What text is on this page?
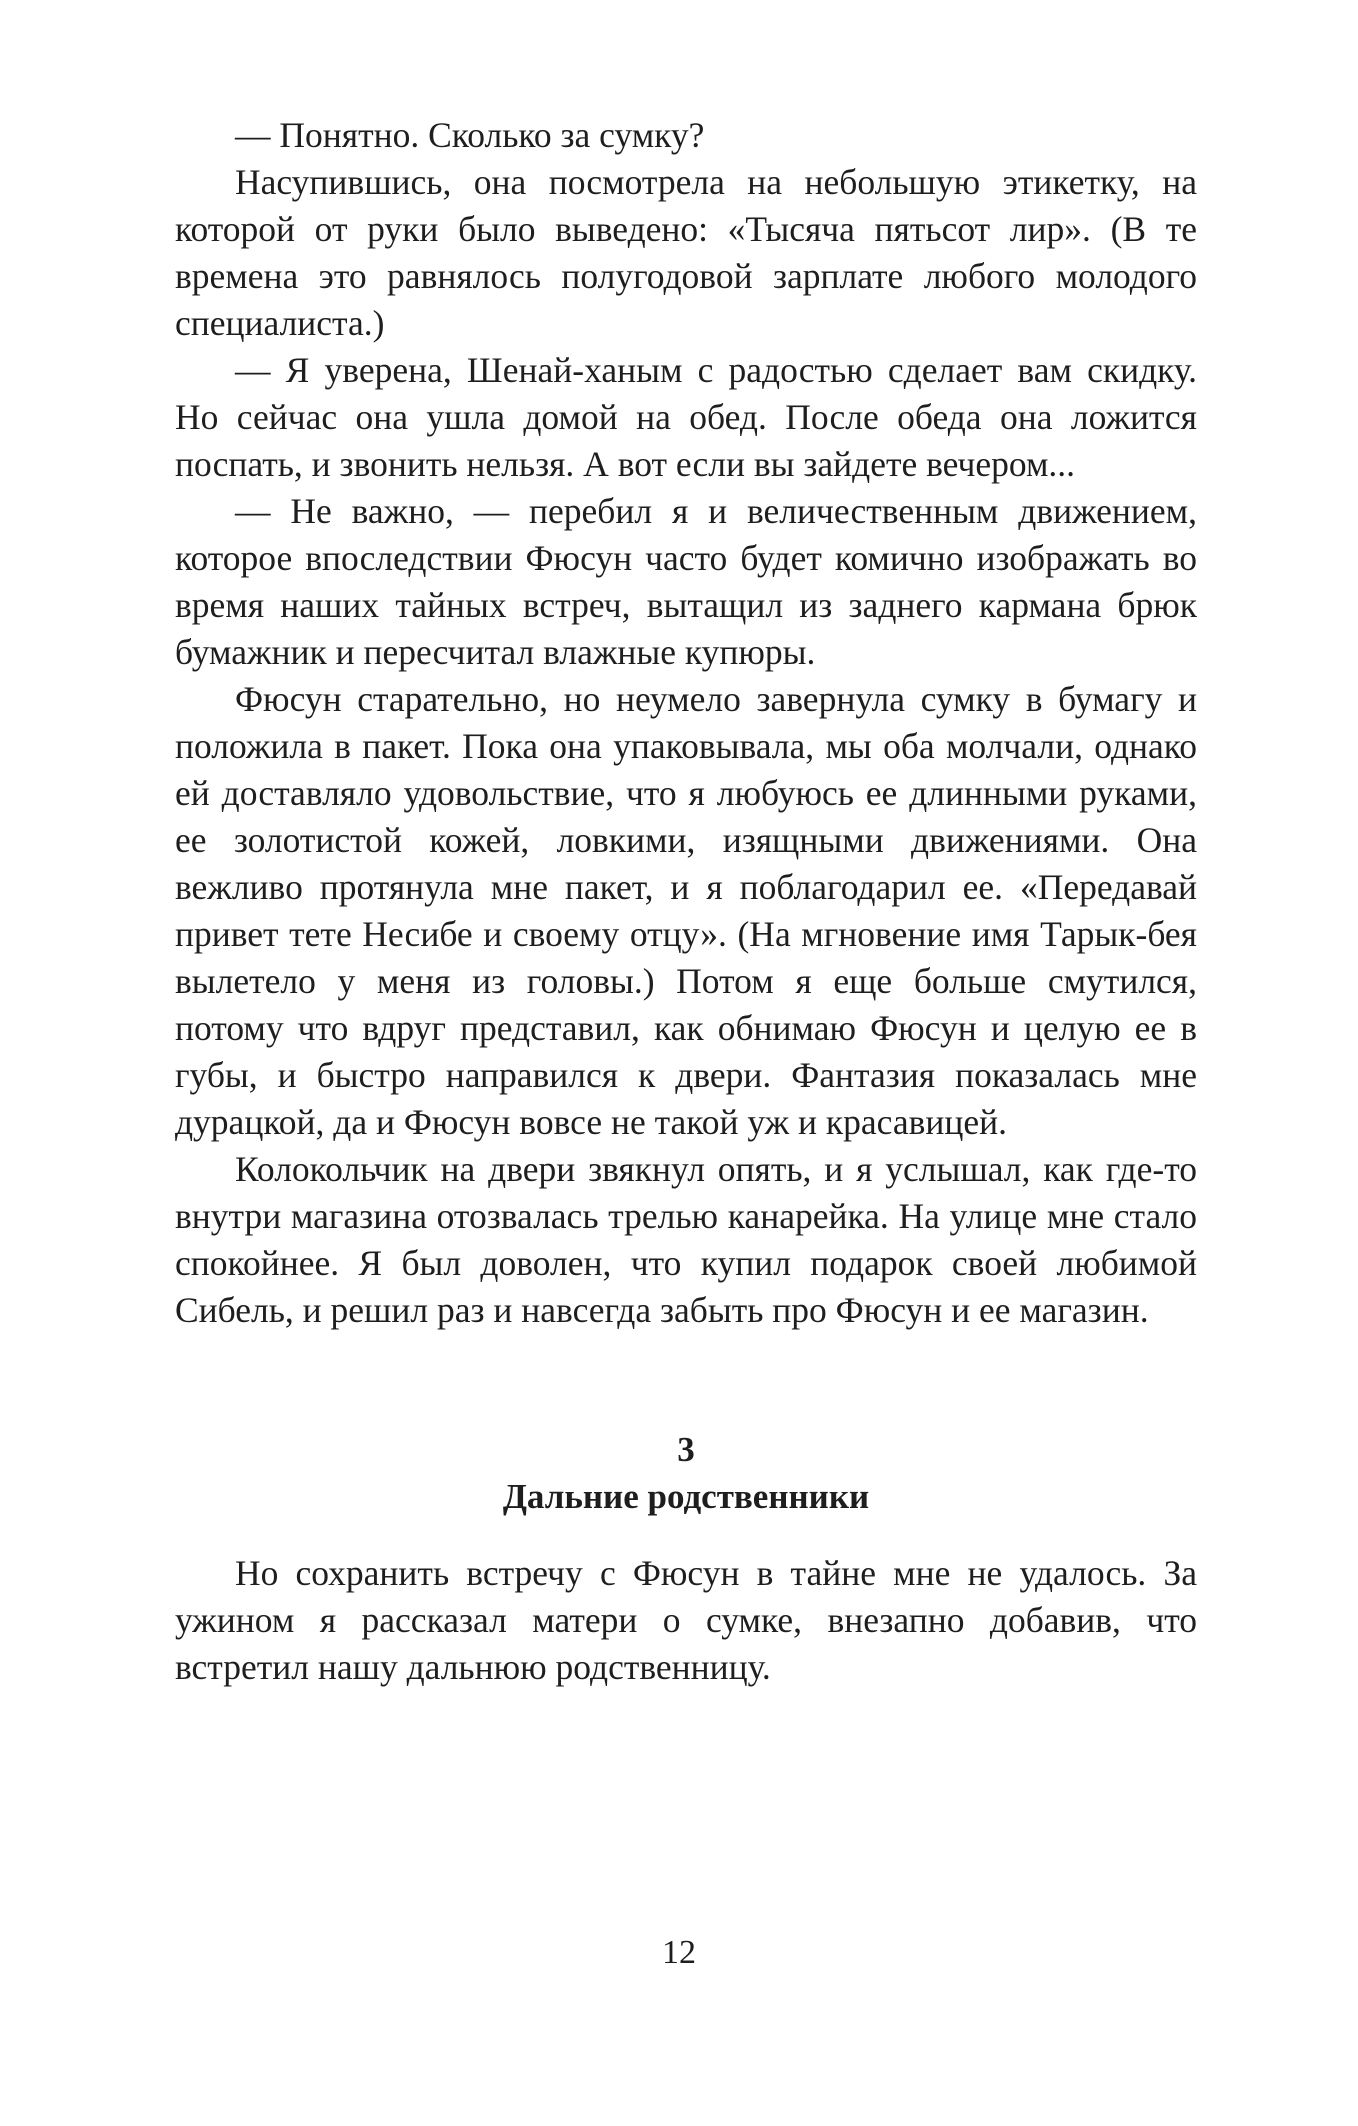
— Понятно. Сколько за сумку?

Насупившись, она посмотрела на небольшую этикетку, на которой от руки было выведено: «Тысяча пятьсот лир». (В те времена это равнялось полугодовой зарплате любого молодого специалиста.)

— Я уверена, Шенай-ханым с радостью сделает вам скидку. Но сейчас она ушла домой на обед. После обеда она ложится поспать, и звонить нельзя. А вот если вы зайдете вечером...

— Не важно, — перебил я и величественным движением, которое впоследствии Фюсун часто будет комично изображать во время наших тайных встреч, вытащил из заднего кармана брюк бумажник и пересчитал влажные купюры.

Фюсун старательно, но неумело завернула сумку в бумагу и положила в пакет. Пока она упаковывала, мы оба молчали, однако ей доставляло удовольствие, что я любуюсь ее длинными руками, ее золотистой кожей, ловкими, изящными движениями. Она вежливо протянула мне пакет, и я поблагодарил ее. «Передавай привет тете Несибе и своему отцу». (На мгновение имя Тарык-бея вылетело у меня из головы.) Потом я еще больше смутился, потому что вдруг представил, как обнимаю Фюсун и целую ее в губы, и быстро направился к двери. Фантазия показалась мне дурацкой, да и Фюсун вовсе не такой уж и красавицей.

Колокольчик на двери звякнул опять, и я услышал, как где-то внутри магазина отозвалась трелью канарейка. На улице мне стало спокойнее. Я был доволен, что купил подарок своей любимой Сибель, и решил раз и навсегда забыть про Фюсун и ее магазин.

3

Дальние родственники

Но сохранить встречу с Фюсун в тайне мне не удалось. За ужином я рассказал матери о сумке, внезапно добавив, что встретил нашу дальнюю родственницу.

12
